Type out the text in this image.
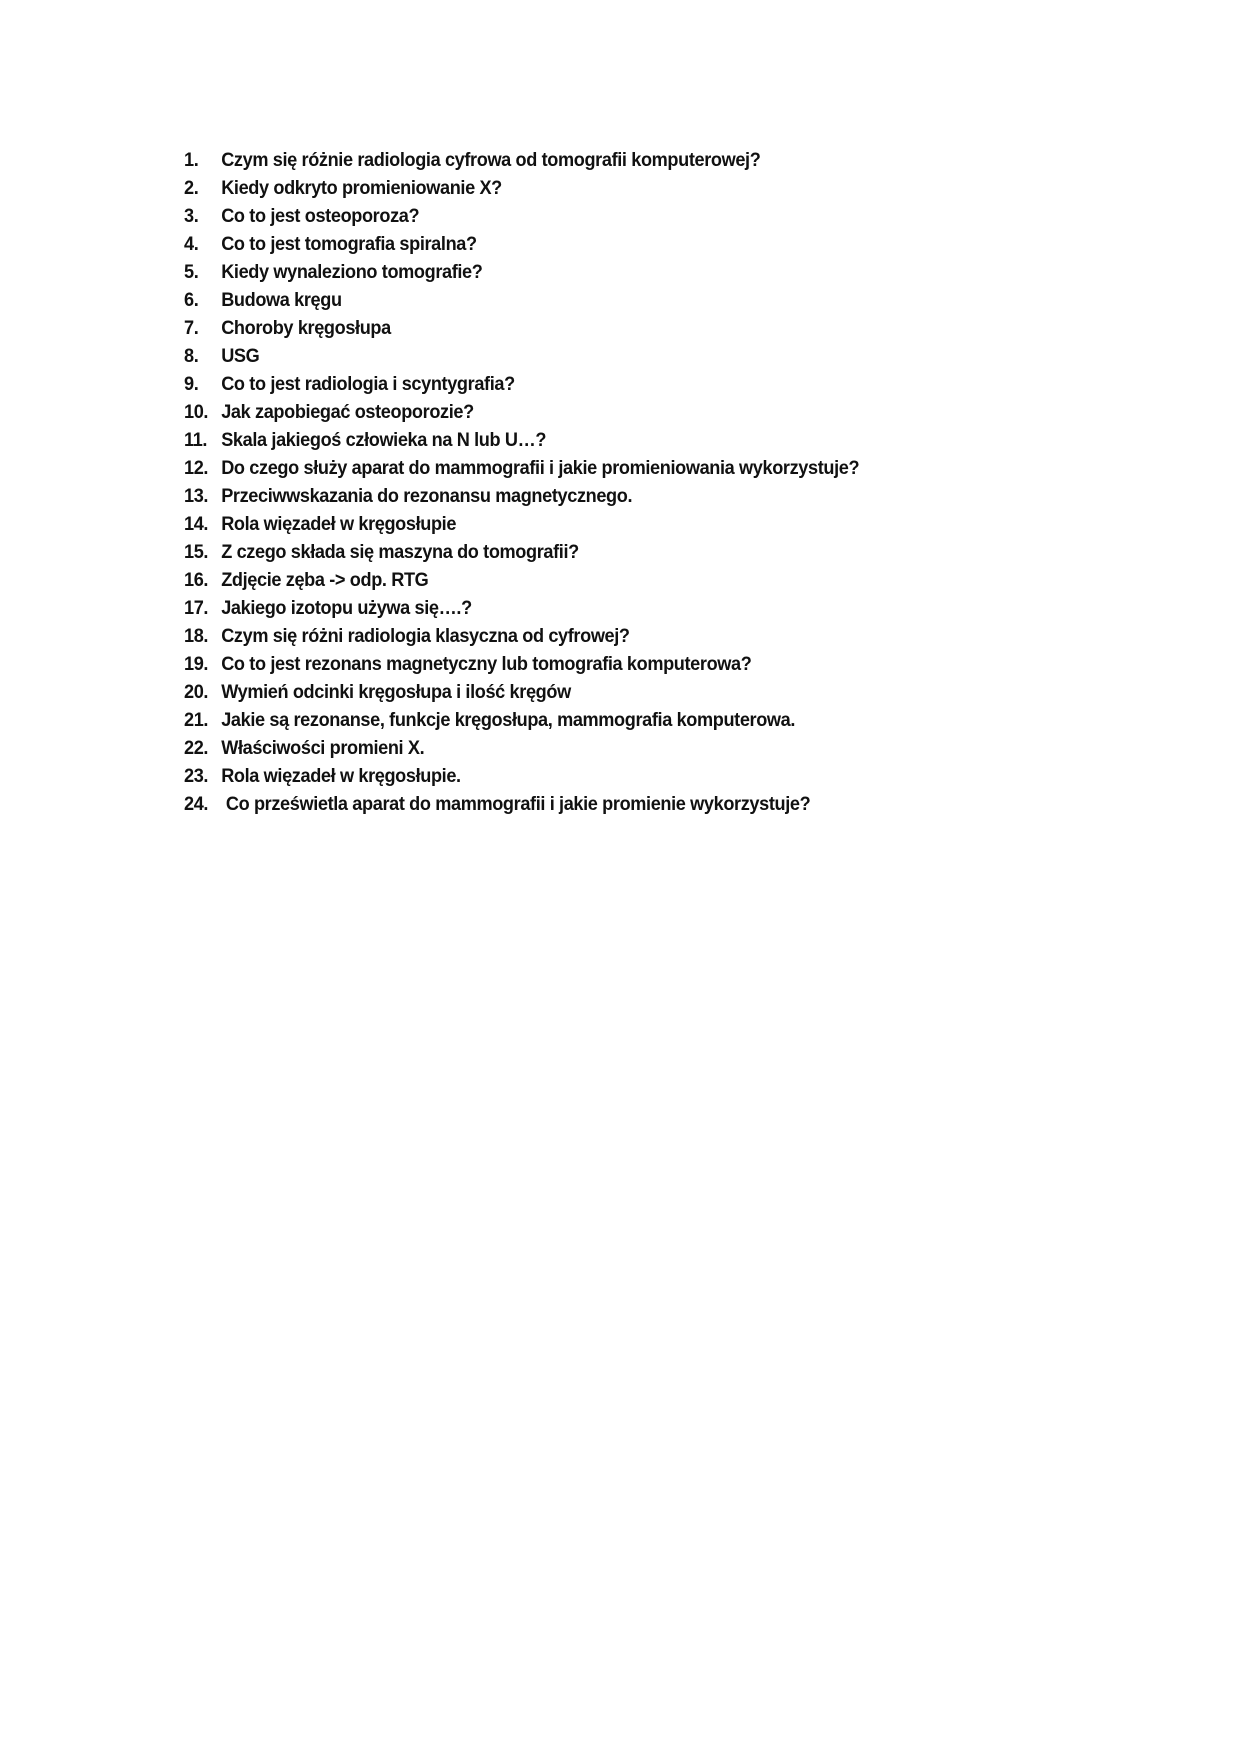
1. Czym się różnie radiologia cyfrowa od tomografii komputerowej?
2. Kiedy odkryto promieniowanie X?
3. Co to jest osteoporoza?
4. Co to jest tomografia spiralna?
5. Kiedy wynaleziono tomografie?
6. Budowa kręgu
7. Choroby kręgosłupa
8. USG
9. Co to jest radiologia i scyntygrafia?
10. Jak zapobiegać osteoporozie?
11. Skala jakiegoś człowieka na N lub U…?
12. Do czego służy aparat do mammografii i jakie promieniowania wykorzystuje?
13. Przeciwwskazania do rezonansu magnetycznego.
14. Rola więzadeł w kręgosłupie
15. Z czego składa się maszyna do tomografii?
16. Zdjęcie zęba -> odp. RTG
17. Jakiego izotopu używa się….?
18. Czym się różni radiologia klasyczna od cyfrowej?
19. Co to jest rezonans magnetyczny lub tomografia komputerowa?
20. Wymień odcinki kręgosłupa i ilość kręgów
21. Jakie są rezonanse, funkcje kręgosłupa, mammografia komputerowa.
22. Właściwości promieni X.
23. Rola więzadeł w kręgosłupie.
24. Co prześwietla aparat do mammografii i jakie promienie wykorzystuje?
